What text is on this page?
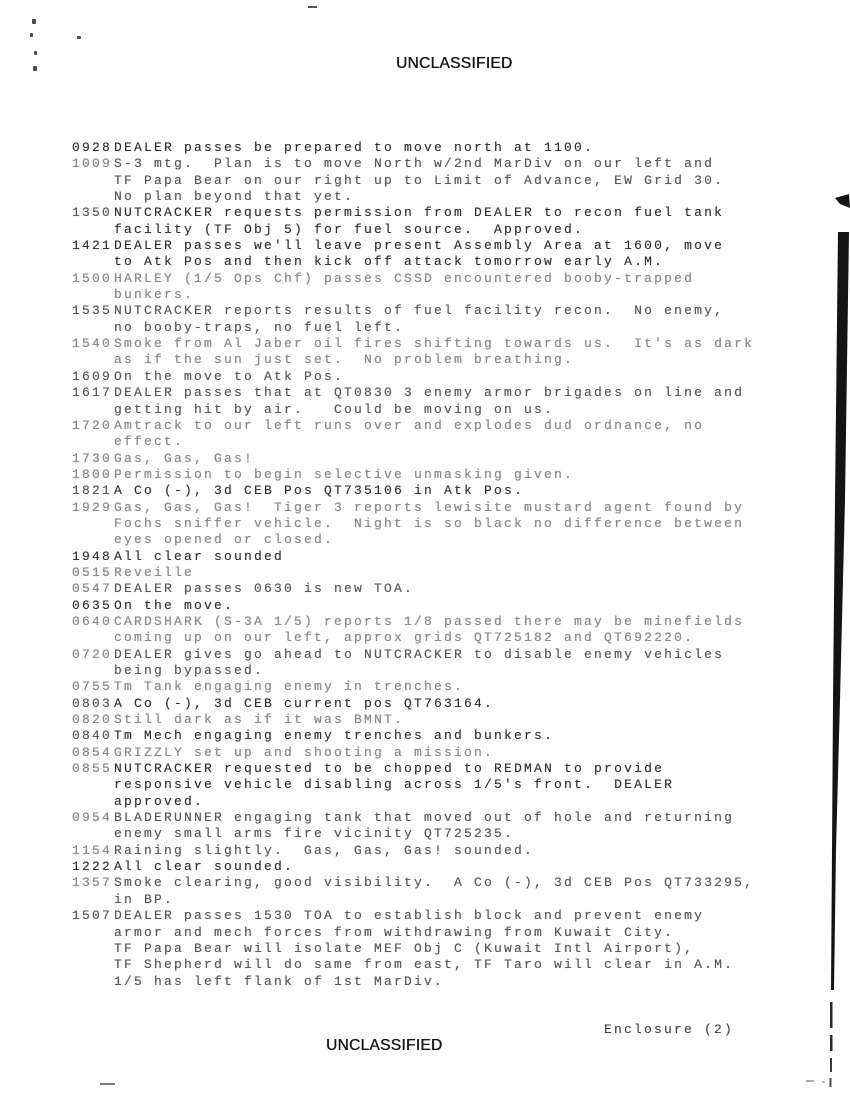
UNCLASSIFIED
0928 DEALER passes be prepared to move north at 1100.
1009 S-3 mtg.  Plan is to move North w/2nd MarDiv on our left and
TF Papa Bear on our right up to Limit of Advance, EW Grid 30.
No plan beyond that yet.
1350 NUTCRACKER requests permission from DEALER to recon fuel tank
facility (TF Obj 5) for fuel source.  Approved.
1421 DEALER passes we'll leave present Assembly Area at 1600, move
to Atk Pos and then kick off attack tomorrow early A.M.
1500 HARLEY (1/5 Ops Chf) passes CSSD encountered booby-trapped
bunkers.
1535 NUTCRACKER reports results of fuel facility recon.  No enemy,
no booby-traps, no fuel left.
1540 Smoke from Al Jaber oil fires shifting towards us.  It's as dark
as if the sun just set.  No problem breathing.
1609 On the move to Atk Pos.
1617 DEALER passes that at QT0830 3 enemy armor brigades on line and
getting hit by air.   Could be moving on us.
1720 Amtrack to our left runs over and explodes dud ordnance, no
effect.
1730 Gas, Gas, Gas!
1800 Permission to begin selective unmasking given.
1821 A Co (-), 3d CEB Pos QT735106 in Atk Pos.
1929 Gas, Gas, Gas!  Tiger 3 reports lewisite mustard agent found by
Fochs sniffer vehicle.  Night is so black no difference between
eyes opened or closed.
1948 All clear sounded
0515 Reveille
0547 DEALER passes 0630 is new TOA.
0635 On the move.
0640 CARDSHARK (S-3A 1/5) reports 1/8 passed there may be minefields
coming up on our left, approx grids QT725182 and QT692220.
0720 DEALER gives go ahead to NUTCRACKER to disable enemy vehicles
being bypassed.
0755 Tm Tank engaging enemy in trenches.
0803 A Co (-), 3d CEB current pos QT763164.
0820 Still dark as if it was BMNT.
0840 Tm Mech engaging enemy trenches and bunkers.
0854 GRIZZLY set up and shooting a mission.
0855 NUTCRACKER requested to be chopped to REDMAN to provide
responsive vehicle disabling across 1/5's front.  DEALER
approved.
0954 BLADERUNNER engaging tank that moved out of hole and returning
enemy small arms fire vicinity QT725235.
1154 Raining slightly.  Gas, Gas, Gas! sounded.
1222 All clear sounded.
1357 Smoke clearing, good visibility.  A Co (-), 3d CEB Pos QT733295,
in BP.
1507 DEALER passes 1530 TOA to establish block and prevent enemy
armor and mech forces from withdrawing from Kuwait City.
TF Papa Bear will isolate MEF Obj C (Kuwait Intl Airport),
TF Shepherd will do same from east, TF Taro will clear in A.M.
1/5 has left flank of 1st MarDiv.
Enclosure (2)
UNCLASSIFIED
